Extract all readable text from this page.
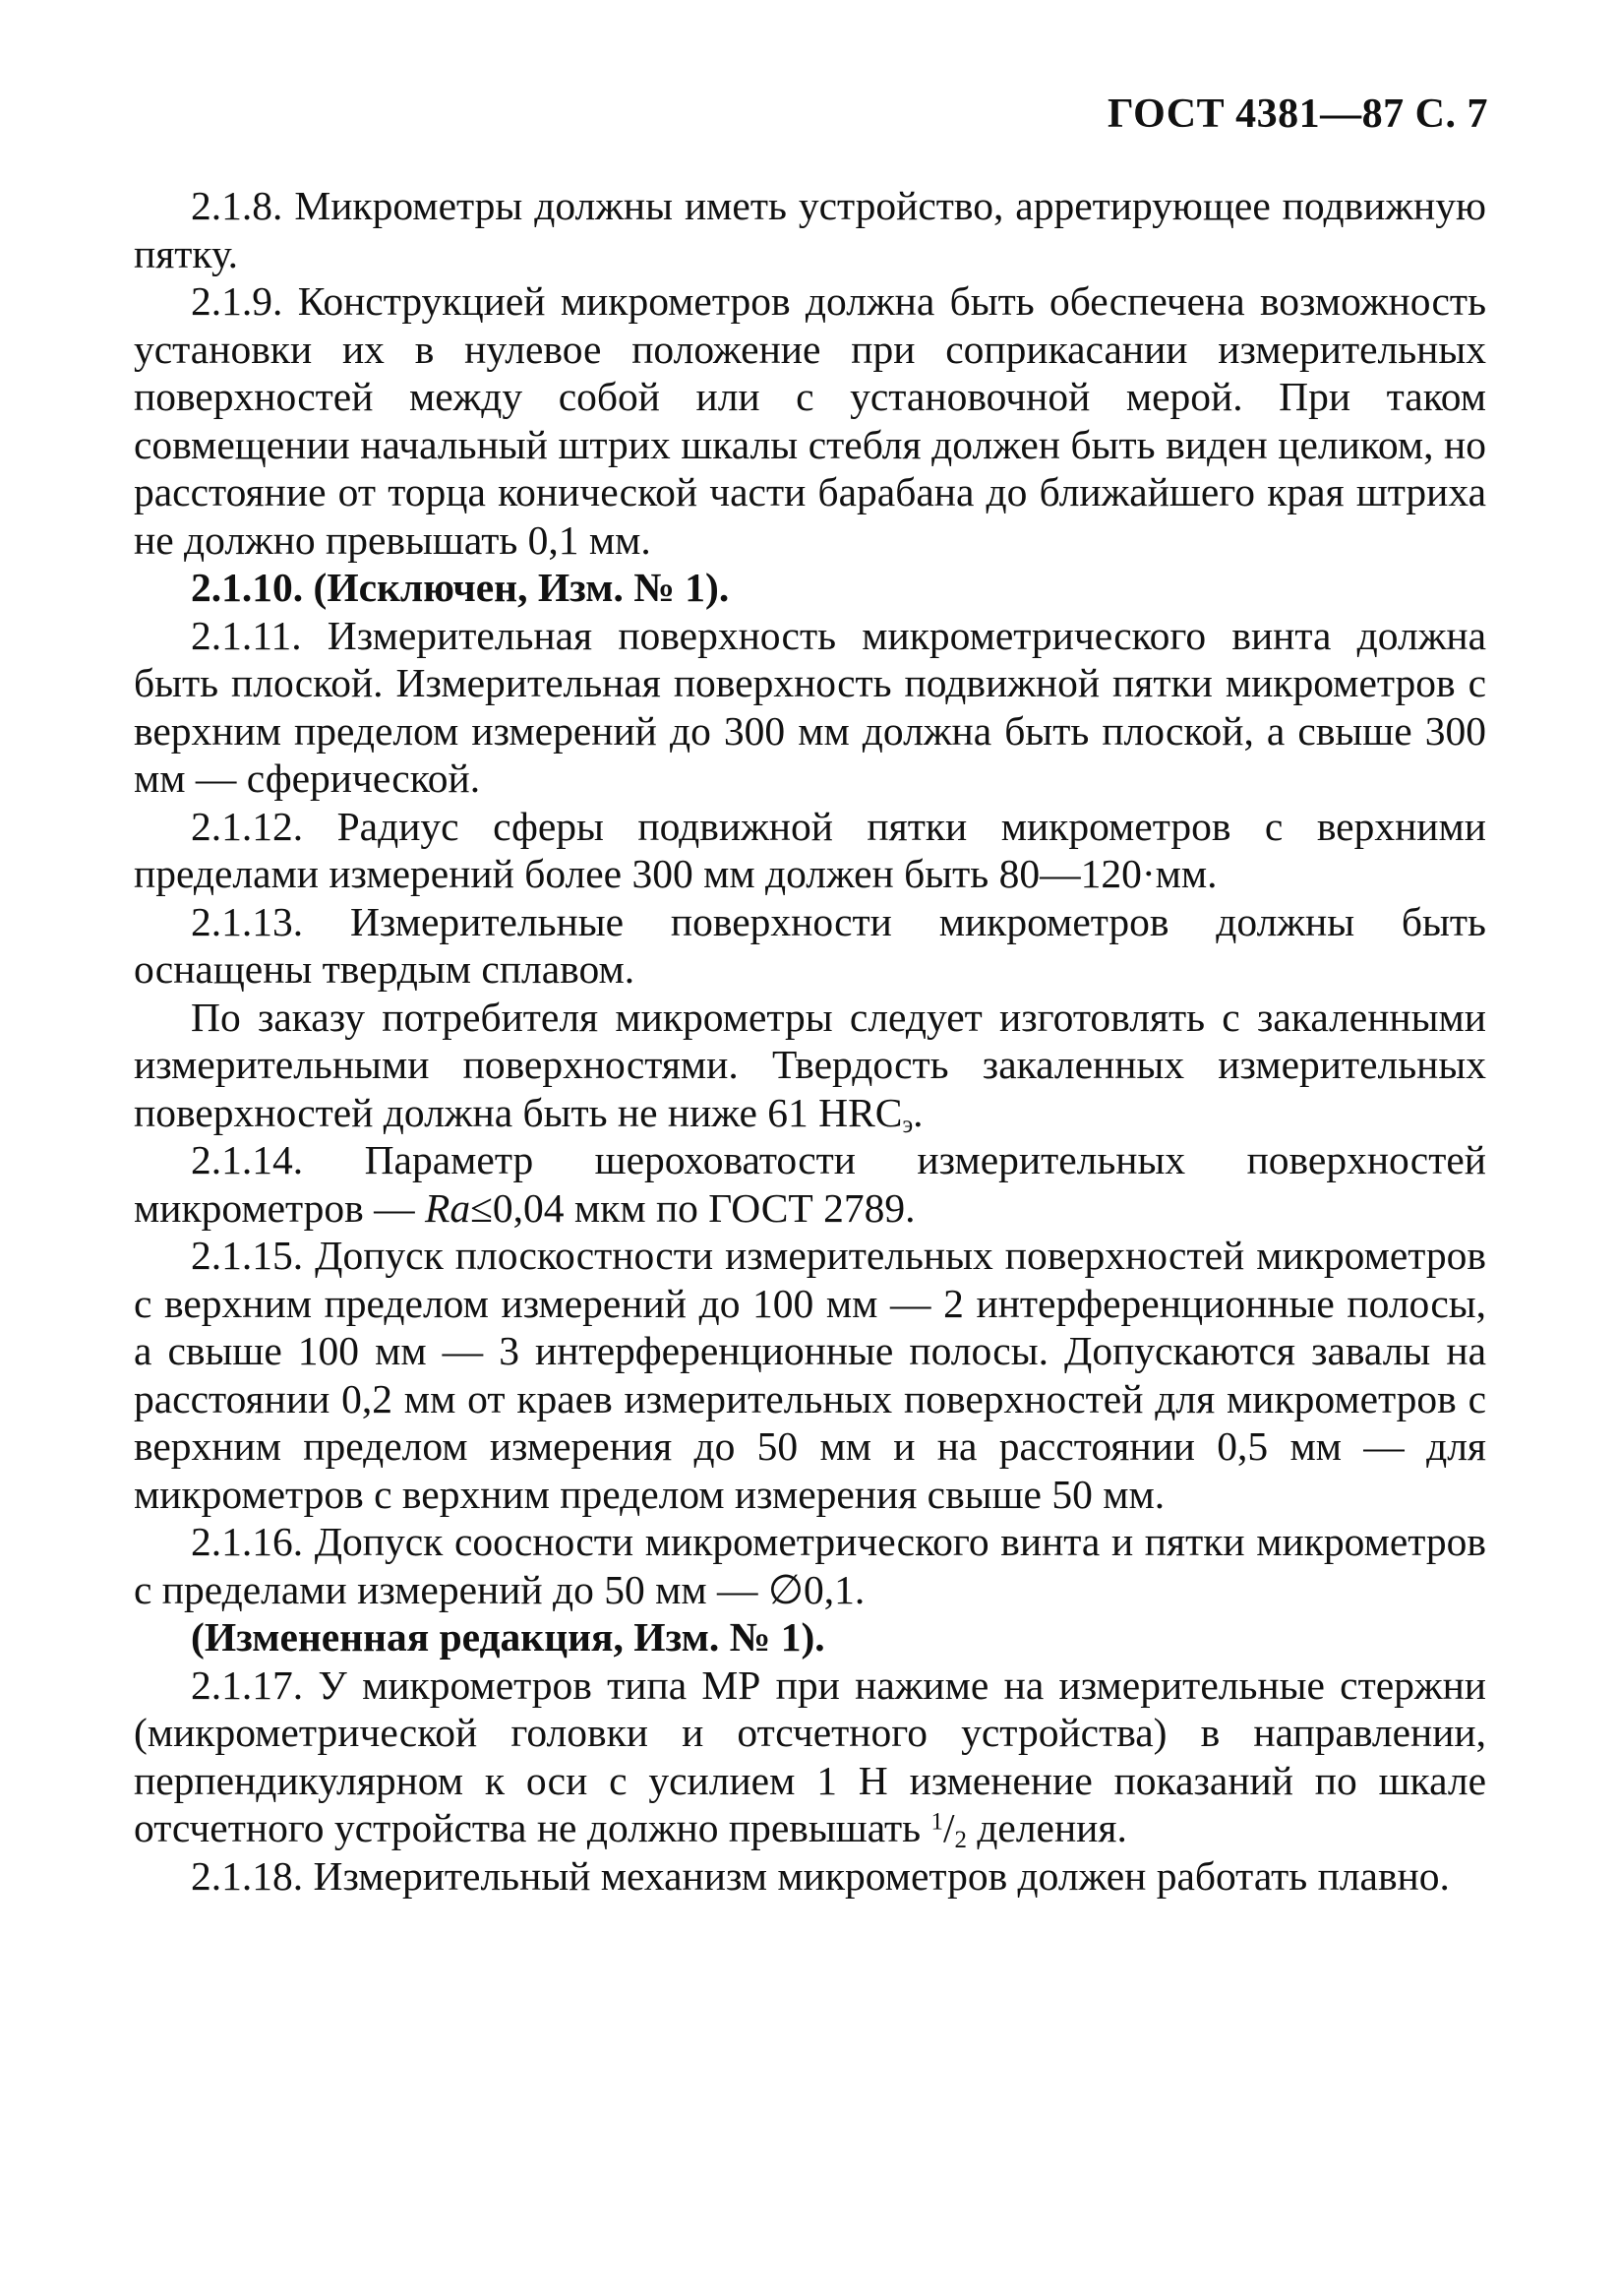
ГОСТ 4381—87 С. 7

2.1.8. Микрометры должны иметь устройство, арретирующее подвижную пятку.

2.1.9. Конструкцией микрометров должна быть обеспечена возможность установки их в нулевое положение при соприкасании измерительных поверхностей между собой или с установочной мерой. При таком совмещении начальный штрих шкалы стебля должен быть виден целиком, но расстояние от торца конической части барабана до ближайшего края штриха не должно превышать 0,1 мм.

2.1.10. (Исключен, Изм. № 1).

2.1.11. Измерительная поверхность микрометрического винта должна быть плоской. Измерительная поверхность подвижной пятки микрометров с верхним пределом измерений до 300 мм должна быть плоской, а свыше 300 мм — сферической.

2.1.12. Радиус сферы подвижной пятки микрометров с верхними пределами измерений более 300 мм должен быть 80—120·мм.

2.1.13. Измерительные поверхности микрометров должны быть оснащены твердым сплавом.

По заказу потребителя микрометры следует изготовлять с закаленными измерительными поверхностями. Твердость закаленных измерительных поверхностей должна быть не ниже 61 $HRC_э$.

2.1.14. Параметр шероховатости измерительных поверхностей микрометров — Ra≤0,04 мкм по ГОСТ 2789.

2.1.15. Допуск плоскостности измерительных поверхностей микрометров с верхним пределом измерений до 100 мм — 2 интерференционные полосы, а свыше 100 мм — 3 интерференционные полосы. Допускаются завалы на расстоянии 0,2 мм от краев измерительных поверхностей для микрометров с верхним пределом измерения до 50 мм и на расстоянии 0,5 мм — для микрометров с верхним пределом измерения свыше 50 мм.

2.1.16. Допуск соосности микрометрического винта и пятки микрометров с пределами измерений до 50 мм — ∅0,1.

(Измененная редакция, Изм. № 1).

2.1.17. У микрометров типа МР при нажиме на измерительные стержни (микрометрической головки и отсчетного устройства) в направлении, перпендикулярном к оси с усилием 1 Н изменение показаний по шкале отсчетного устройства не должно превышать $^1/_2$ деления.

2.1.18. Измерительный механизм микрометров должен работать плавно.
